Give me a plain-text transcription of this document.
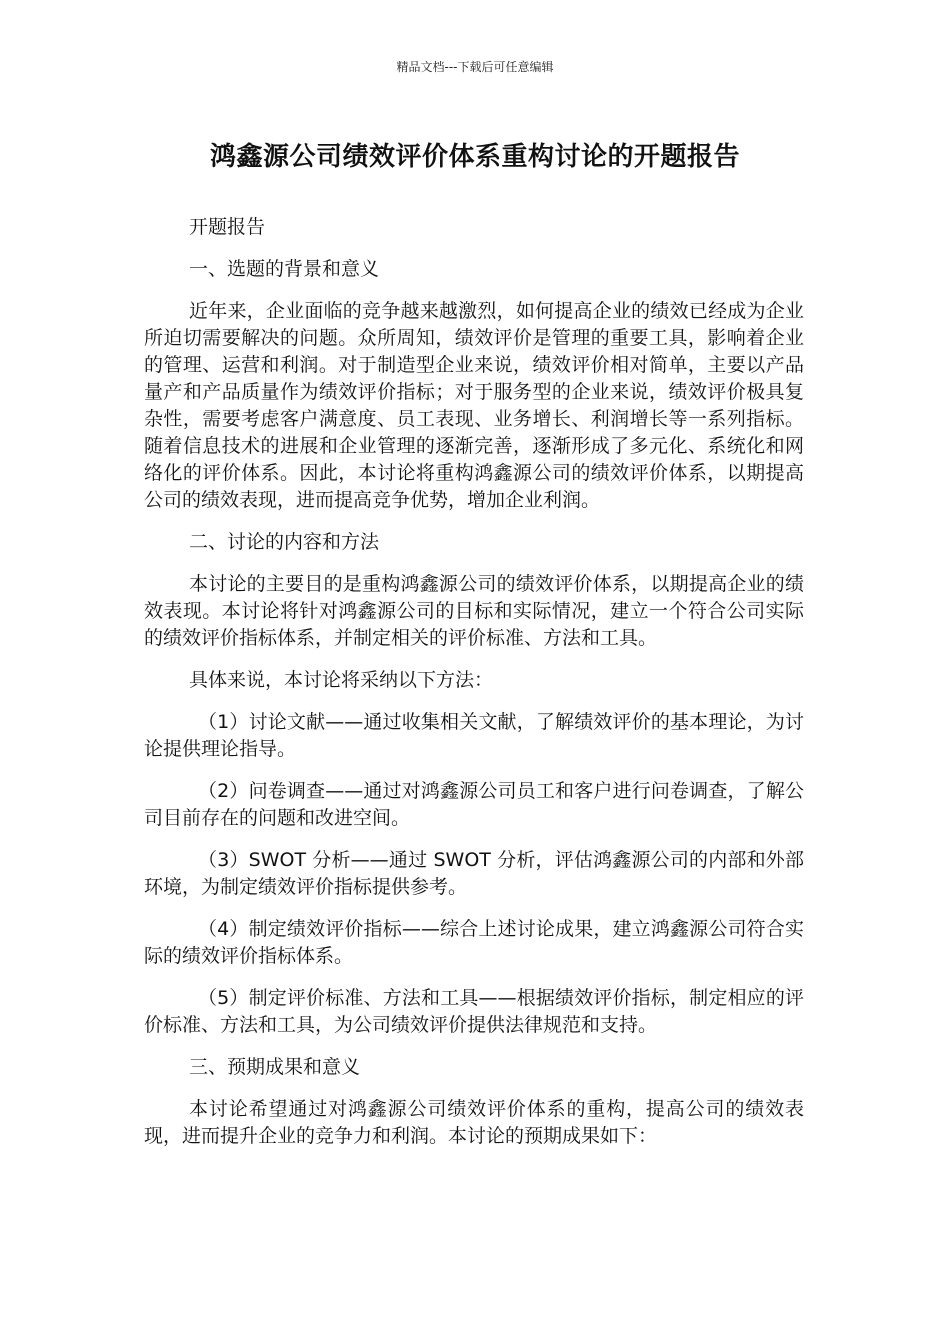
精品文档---下载后可任意编辑
鸿鑫源公司绩效评价体系重构讨论的开题报告

开题报告

一、选题的背景和意义

近年来，企业面临的竞争越来越激烈，如何提高企业的绩效已经成为企业所迫切需要解决的问题。众所周知，绩效评价是管理的重要工具，影响着企业的管理、运营和利润。对于制造型企业来说，绩效评价相对简单，主要以产品量产和产品质量作为绩效评价指标；对于服务型的企业来说，绩效评价极具复杂性，需要考虑客户满意度、员工表现、业务增长、利润增长等一系列指标。随着信息技术的进展和企业管理的逐渐完善，逐渐形成了多元化、系统化和网络化的评价体系。因此，本讨论将重构鸿鑫源公司的绩效评价体系，以期提高公司的绩效表现，进而提高竞争优势，增加企业利润。

二、讨论的内容和方法

本讨论的主要目的是重构鸿鑫源公司的绩效评价体系，以期提高企业的绩效表现。本讨论将针对鸿鑫源公司的目标和实际情况，建立一个符合公司实际的绩效评价指标体系，并制定相关的评价标准、方法和工具。

具体来说，本讨论将采纳以下方法：

（1）讨论文献——通过收集相关文献，了解绩效评价的基本理论，为讨论提供理论指导。

（2）问卷调查——通过对鸿鑫源公司员工和客户进行问卷调查，了解公司目前存在的问题和改进空间。

（3）SWOT 分析——通过 SWOT 分析，评估鸿鑫源公司的内部和外部环境，为制定绩效评价指标提供参考。

（4）制定绩效评价指标——综合上述讨论成果，建立鸿鑫源公司符合实际的绩效评价指标体系。

（5）制定评价标准、方法和工具——根据绩效评价指标，制定相应的评价标准、方法和工具，为公司绩效评价提供法律规范和支持。

三、预期成果和意义

本讨论希望通过对鸿鑫源公司绩效评价体系的重构，提高公司的绩效表现，进而提升企业的竞争力和利润。本讨论的预期成果如下：
